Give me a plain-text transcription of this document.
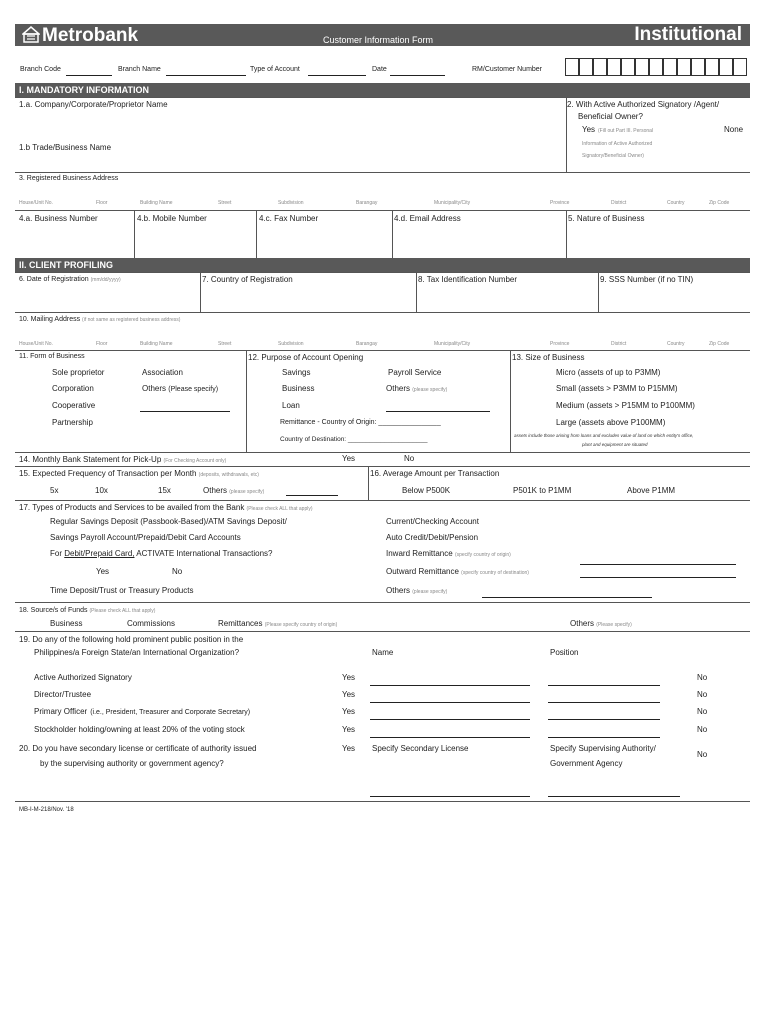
Metrobank	Customer Information Form	Institutional
Branch Code	Branch Name	Type of Account	Date	RM/Customer Number
I. MANDATORY INFORMATION
1.a. Company/Corporate/Proprietor Name	2. With Active Authorized Signatory /Agent/
Beneficial Owner?
Yes (Fill out Part III. Personal
Information of Active Authorized
Signatory/Beneficial Owner)
None
1.b Trade/Business Name
3. Registered Business Address
House/Unit No.	Floor	Building Name	Street	Subdivision	Barangay	Municipality/City	Province	District	Country	Zip Code
4.a. Business Number	4.b. Mobile Number	4.c. Fax Number	4.d. Email Address	5. Nature of Business
II. CLIENT PROFILING
6. Date of Registration (mm/dd/yyyy)	7. Country of Registration	8. Tax Identification Number	9. SSS Number (if no TIN)
10. Mailing Address (if not same as registered business address)
House/Unit No.	Floor	Building Name	Street	Subdivision	Barangay	Municipality/City	Province	District	Country	Zip Code
11. Form of Business
Sole proprietor
Corporation
Cooperative
Partnership
Association
Others (Please specify)
12. Purpose of Account Opening
Savings
Business
Loan
Payroll Service
Others (please specify)
Remittance - Country of Origin: ________________
Country of Destination: ______________________
13. Size of Business
Micro (assets of up to P3MM)
Small (assets > P3MM to P15MM)
Medium (assets > P15MM to P100MM)
Large (assets above P100MM)
assets include those arising from loans and excludes value of land on which entity's office,
plant and equipment are situated
14. Monthly Bank Statement for Pick-Up (For Checking Account only)	Yes	No
15. Expected Frequency of Transaction per Month (deposits, withdrawals, etc)
5x	10x	15x	Others (please specify)
16. Average Amount per Transaction
Below P500K	P501K to P1MM	Above P1MM
17. Types of Products and Services to be availed from the Bank (Please check ALL that apply)
Regular Savings Deposit (Passbook-Based)/ATM Savings Deposit/
Savings Payroll Account/Prepaid/Debit Card Accounts
For Debit/Prepaid Card, ACTIVATE International Transactions?
Yes	No
Time Deposit/Trust or Treasury Products
Current/Checking Account
Auto Credit/Debit/Pension
Inward Remittance (specify country of origin)
Outward Remittance (specify country of destination)
Others (please specify)
18. Source/s of Funds (Please check ALL that apply)
Business	Commissions	Remittances (Please specify country of origin)	Others (Please specify)
19. Do any of the following hold prominent public position in the
Philippines/a Foreign State/an International Organization?	Name	Position
Active Authorized Signatory	Yes	No
Director/Trustee	Yes	No
Primary Officer (i.e., President, Treasurer and Corporate Secretary)	Yes	No
Stockholder holding/owning at least 20% of the voting stock	Yes	No
20. Do you have secondary license or certificate of authority issued
by the supervising authority or government agency?
Yes Specify Secondary License	Specify Supervising Authority/
Government Agency
No
MB-I-M-218/Nov. '18
